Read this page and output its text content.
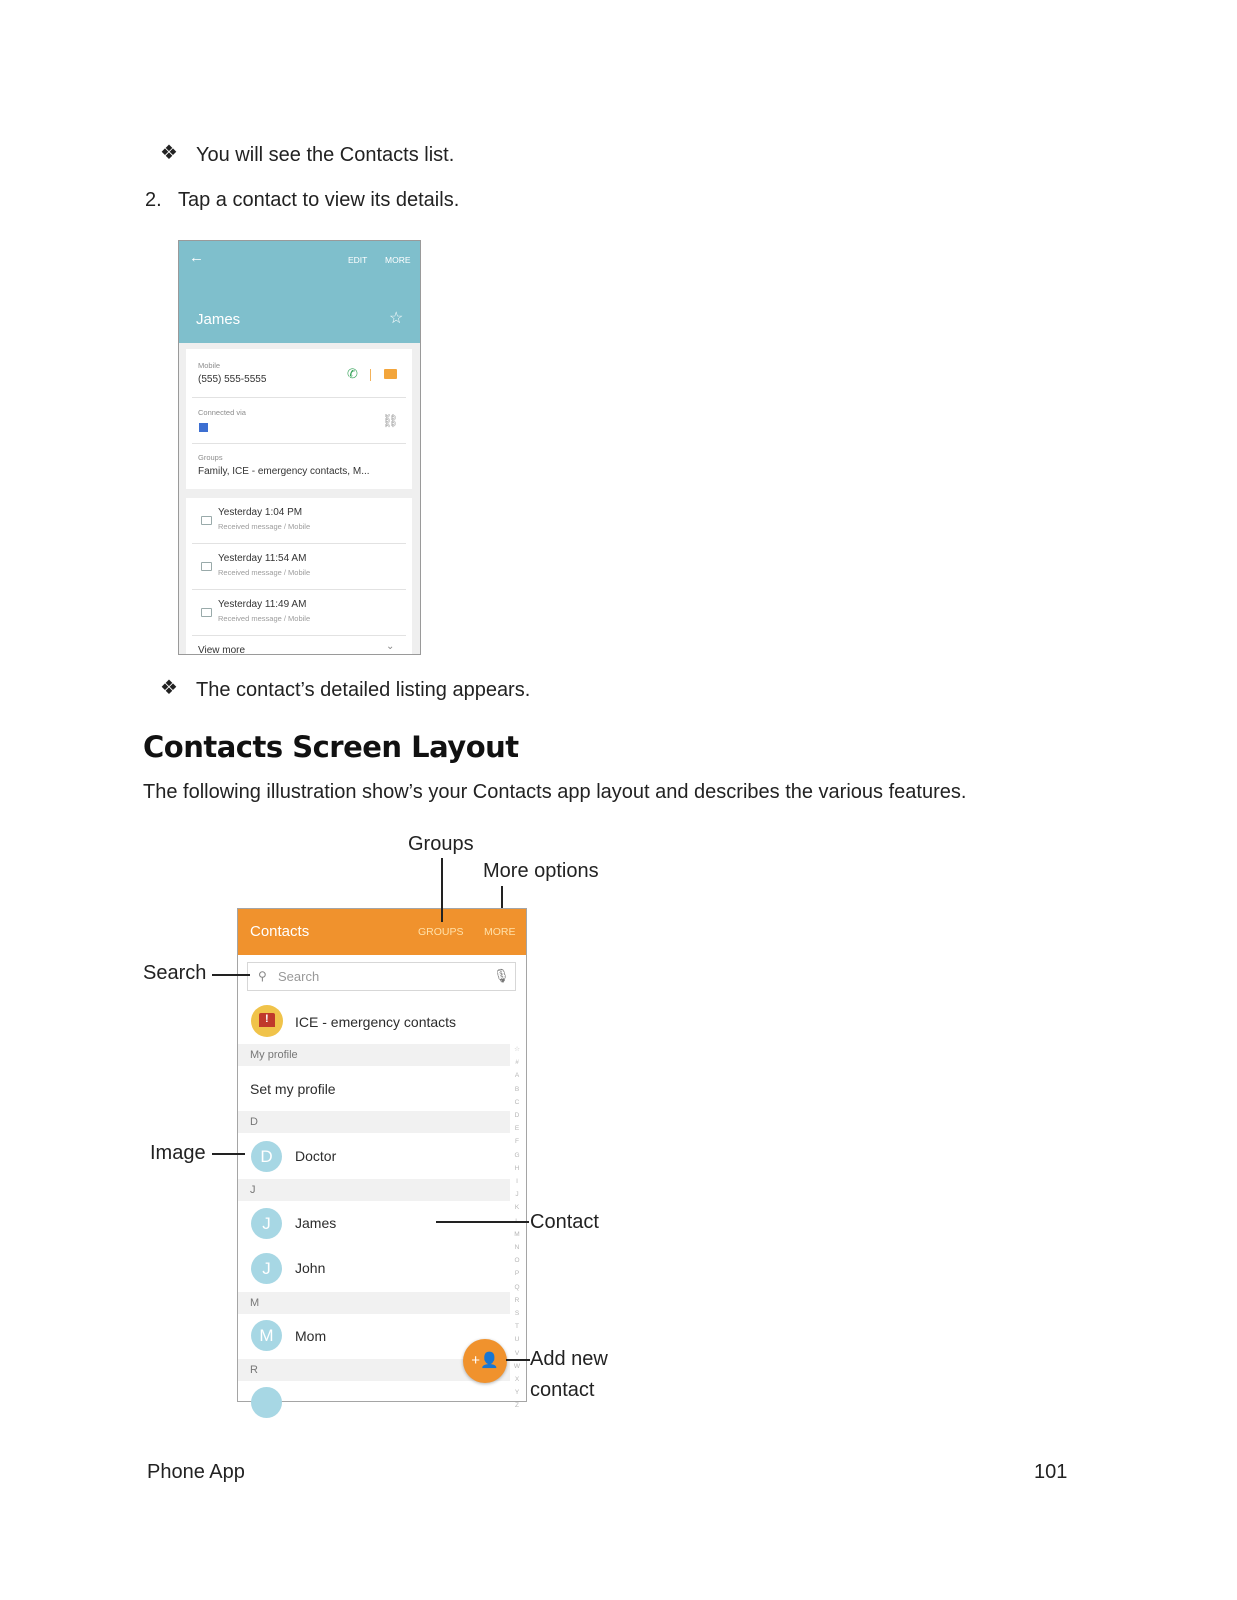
❖ You will see the Contacts list.
2. Tap a contact to view its details.
←	EDIT MORE
James	☆
Mobile
(555) 555-5555	✆
Connected via
⛓
Groups
Family, ICE - emergency contacts, M...
Yesterday 1:04 PM
Received message / Mobile
Yesterday 11:54 AM
Received message / Mobile
Yesterday 11:49 AM
Received message / Mobile
View more	⌄
❖ The contact’s detailed listing appears.
Contacts Screen Layout
The following illustration show’s your Contacts app layout and describes the various features.
Contacts	GROUPS MORE
⚲ Search	🎙
! ICE - emergency contacts
My profile
Set my profile
D
D	Doctor
J
J	James
J	John
M
M	Mom
R
☆
#
A
B
C
D
E
F
G
H
I
J
K
M
N
O
P
Q
R
S
T
U
V
W
X
Y
Z
+👤
Groups
More options
Search
Image
Contact
Add new
contact
Phone App	101
